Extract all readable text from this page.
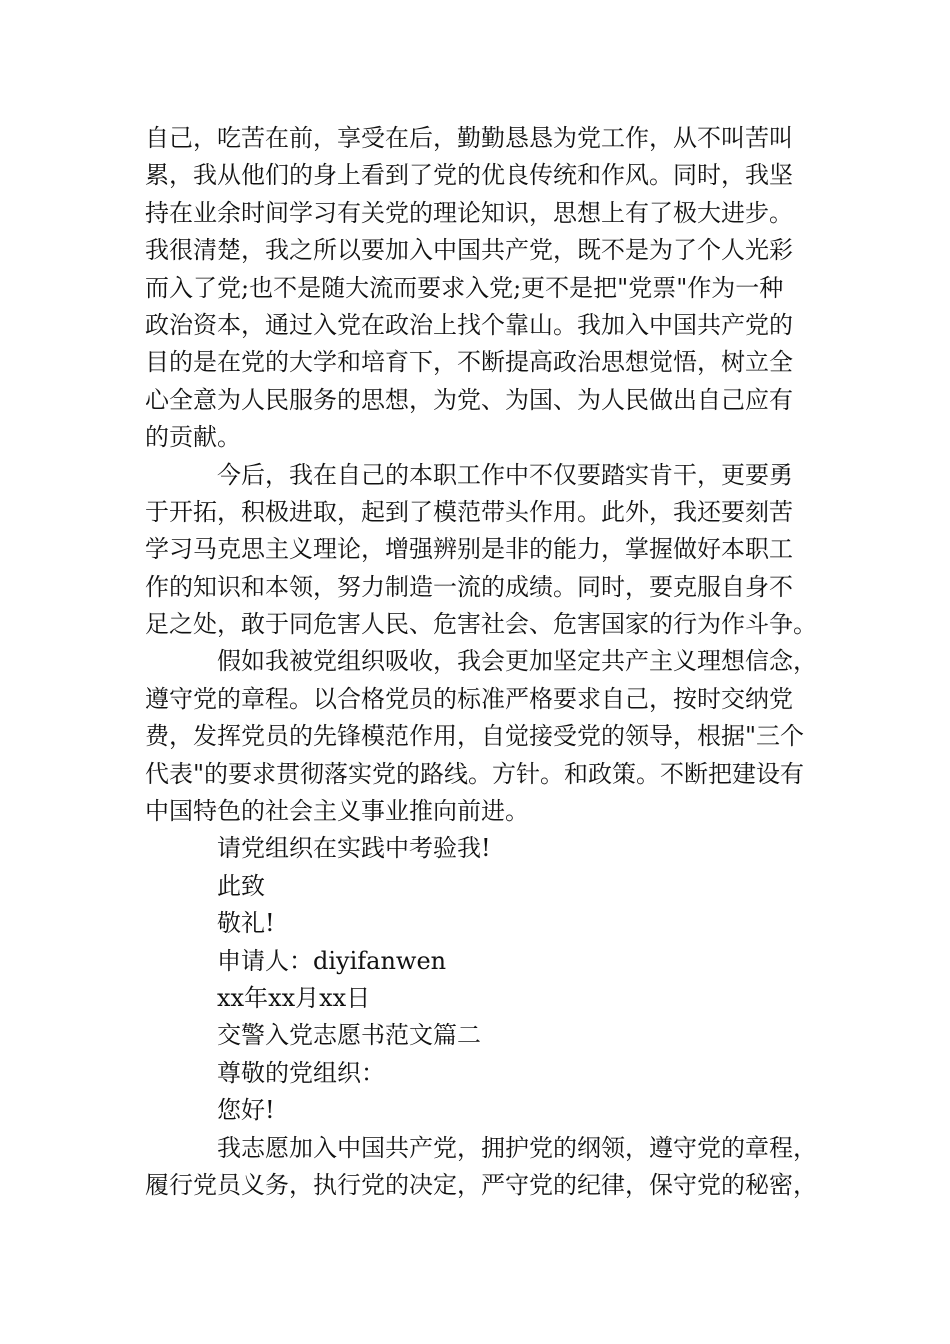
自己，吃苦在前，享受在后，勤勤恳恳为党工作，从不叫苦叫
累，我从他们的身上看到了党的优良传统和作风。同时，我坚
持在业余时间学习有关党的理论知识，思想上有了极大进步。
我很清楚，我之所以要加入中国共产党，既不是为了个人光彩
而入了党;也不是随大流而要求入党;更不是把"党票"作为一种
政治资本，通过入党在政治上找个靠山。我加入中国共产党的
目的是在党的大学和培育下，不断提高政治思想觉悟，树立全
心全意为人民服务的思想，为党、为国、为人民做出自己应有
的贡献。
今后，我在自己的本职工作中不仅要踏实肯干，更要勇
于开拓，积极进取，起到了模范带头作用。此外，我还要刻苦
学习马克思主义理论，增强辨别是非的能力，掌握做好本职工
作的知识和本领，努力制造一流的成绩。同时，要克服自身不
足之处，敢于同危害人民、危害社会、危害国家的行为作斗争。
假如我被党组织吸收，我会更加坚定共产主义理想信念，
遵守党的章程。以合格党员的标准严格要求自己，按时交纳党
费，发挥党员的先锋模范作用，自觉接受党的领导，根据"三个
代表"的要求贯彻落实党的路线。方针。和政策。不断把建设有
中国特色的社会主义事业推向前进。
请党组织在实践中考验我!
此致
敬礼!
申请人：diyifanwen
xx年xx月xx日
交警入党志愿书范文篇二
尊敬的党组织：
您好!
我志愿加入中国共产党，拥护党的纲领，遵守党的章程，
履行党员义务，执行党的决定，严守党的纪律，保守党的秘密，
